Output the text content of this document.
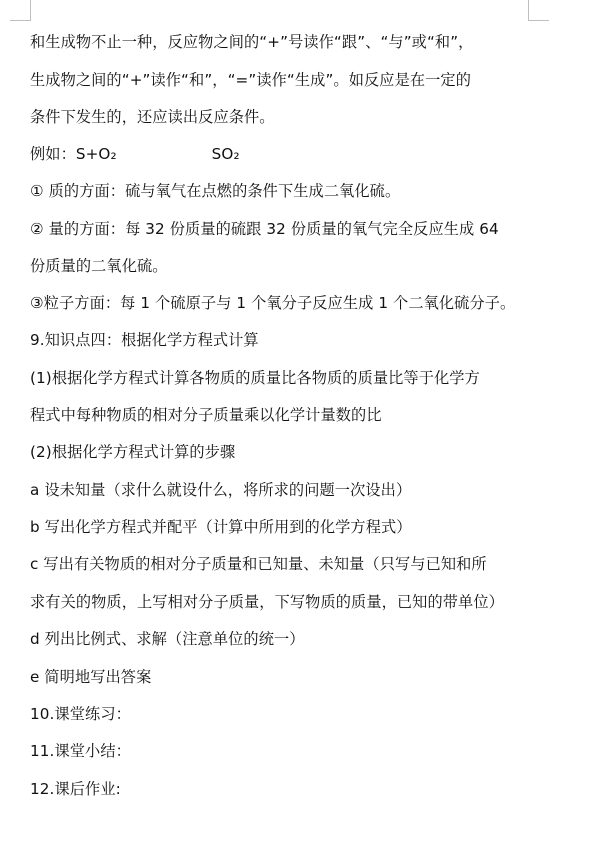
和生成物不止一种，反应物之间的“+”号读作“跟”、“与”或“和”，
生成物之间的“+”读作“和”，“=”读作“生成”。如反应是在一定的
条件下发生的，还应读出反应条件。
例如：S+O₂	SO₂
① 质的方面：硫与氧气在点燃的条件下生成二氧化硫。
② 量的方面：每 32 份质量的硫跟 32 份质量的氧气完全反应生成 64
份质量的二氧化硫。
③粒子方面：每 1 个硫原子与 1 个氧分子反应生成 1 个二氧化硫分子。
9.知识点四：根据化学方程式计算
(1)根据化学方程式计算各物质的质量比各物质的质量比等于化学方
程式中每种物质的相对分子质量乘以化学计量数的比
(2)根据化学方程式计算的步骤
a 设未知量（求什么就设什么，将所求的问题一次设出）
b 写出化学方程式并配平（计算中所用到的化学方程式）
c 写出有关物质的相对分子质量和已知量、未知量（只写与已知和所
求有关的物质，上写相对分子质量，下写物质的质量，已知的带单位）
d 列出比例式、求解（注意单位的统一）
e 简明地写出答案
10.课堂练习：
11.课堂小结：
12.课后作业:
